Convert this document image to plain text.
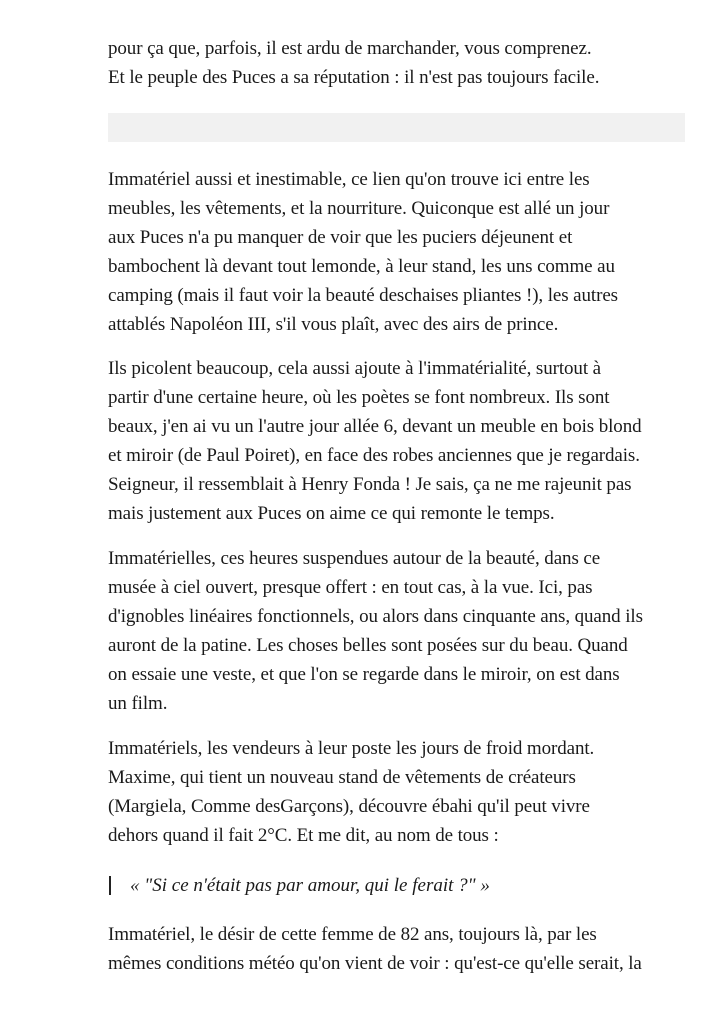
pour ça que, parfois, il est ardu de marchander, vous comprenez.
Et le peuple des Puces a sa réputation : il n'est pas toujours facile.

Immatériel aussi et inestimable, ce lien qu'on trouve ici entre les
meubles, les vêtements, et la nourriture. Quiconque est allé un jour
aux Puces n'a pu manquer de voir que les puciers déjeunent et
bambochent là devant tout lemonde, à leur stand, les uns comme au
camping (mais il faut voir la beauté deschaises pliantes !), les autres
attablés Napoléon III, s'il vous plaît, avec des airs de prince.

Ils picolent beaucoup, cela aussi ajoute à l'immatérialité, surtout à
partir d'une certaine heure, où les poètes se font nombreux. Ils sont
beaux, j'en ai vu un l'autre jour allée 6, devant un meuble en bois blond
et miroir (de Paul Poiret), en face des robes anciennes que je regardais.
Seigneur, il ressemblait à Henry Fonda ! Je sais, ça ne me rajeunit pas
mais justement aux Puces on aime ce qui remonte le temps.

Immatérielles, ces heures suspendues autour de la beauté, dans ce
musée à ciel ouvert, presque offert : en tout cas, à la vue. Ici, pas
d'ignobles linéaires fonctionnels, ou alors dans cinquante ans, quand ils
auront de la patine. Les choses belles sont posées sur du beau. Quand
on essaie une veste, et que l'on se regarde dans le miroir, on est dans
un film.

Immatériels, les vendeurs à leur poste les jours de froid mordant.
Maxime, qui tient un nouveau stand de vêtements de créateurs
(Margiela, Comme desGarçons), découvre ébahi qu'il peut vivre
dehors quand il fait 2°C. Et me dit, au nom de tous :

« "Si ce n'était pas par amour, qui le ferait ?" »

Immatériel, le désir de cette femme de 82 ans, toujours là, par les
mêmes conditions météo qu'on vient de voir : qu'est-ce qu'elle serait, la
